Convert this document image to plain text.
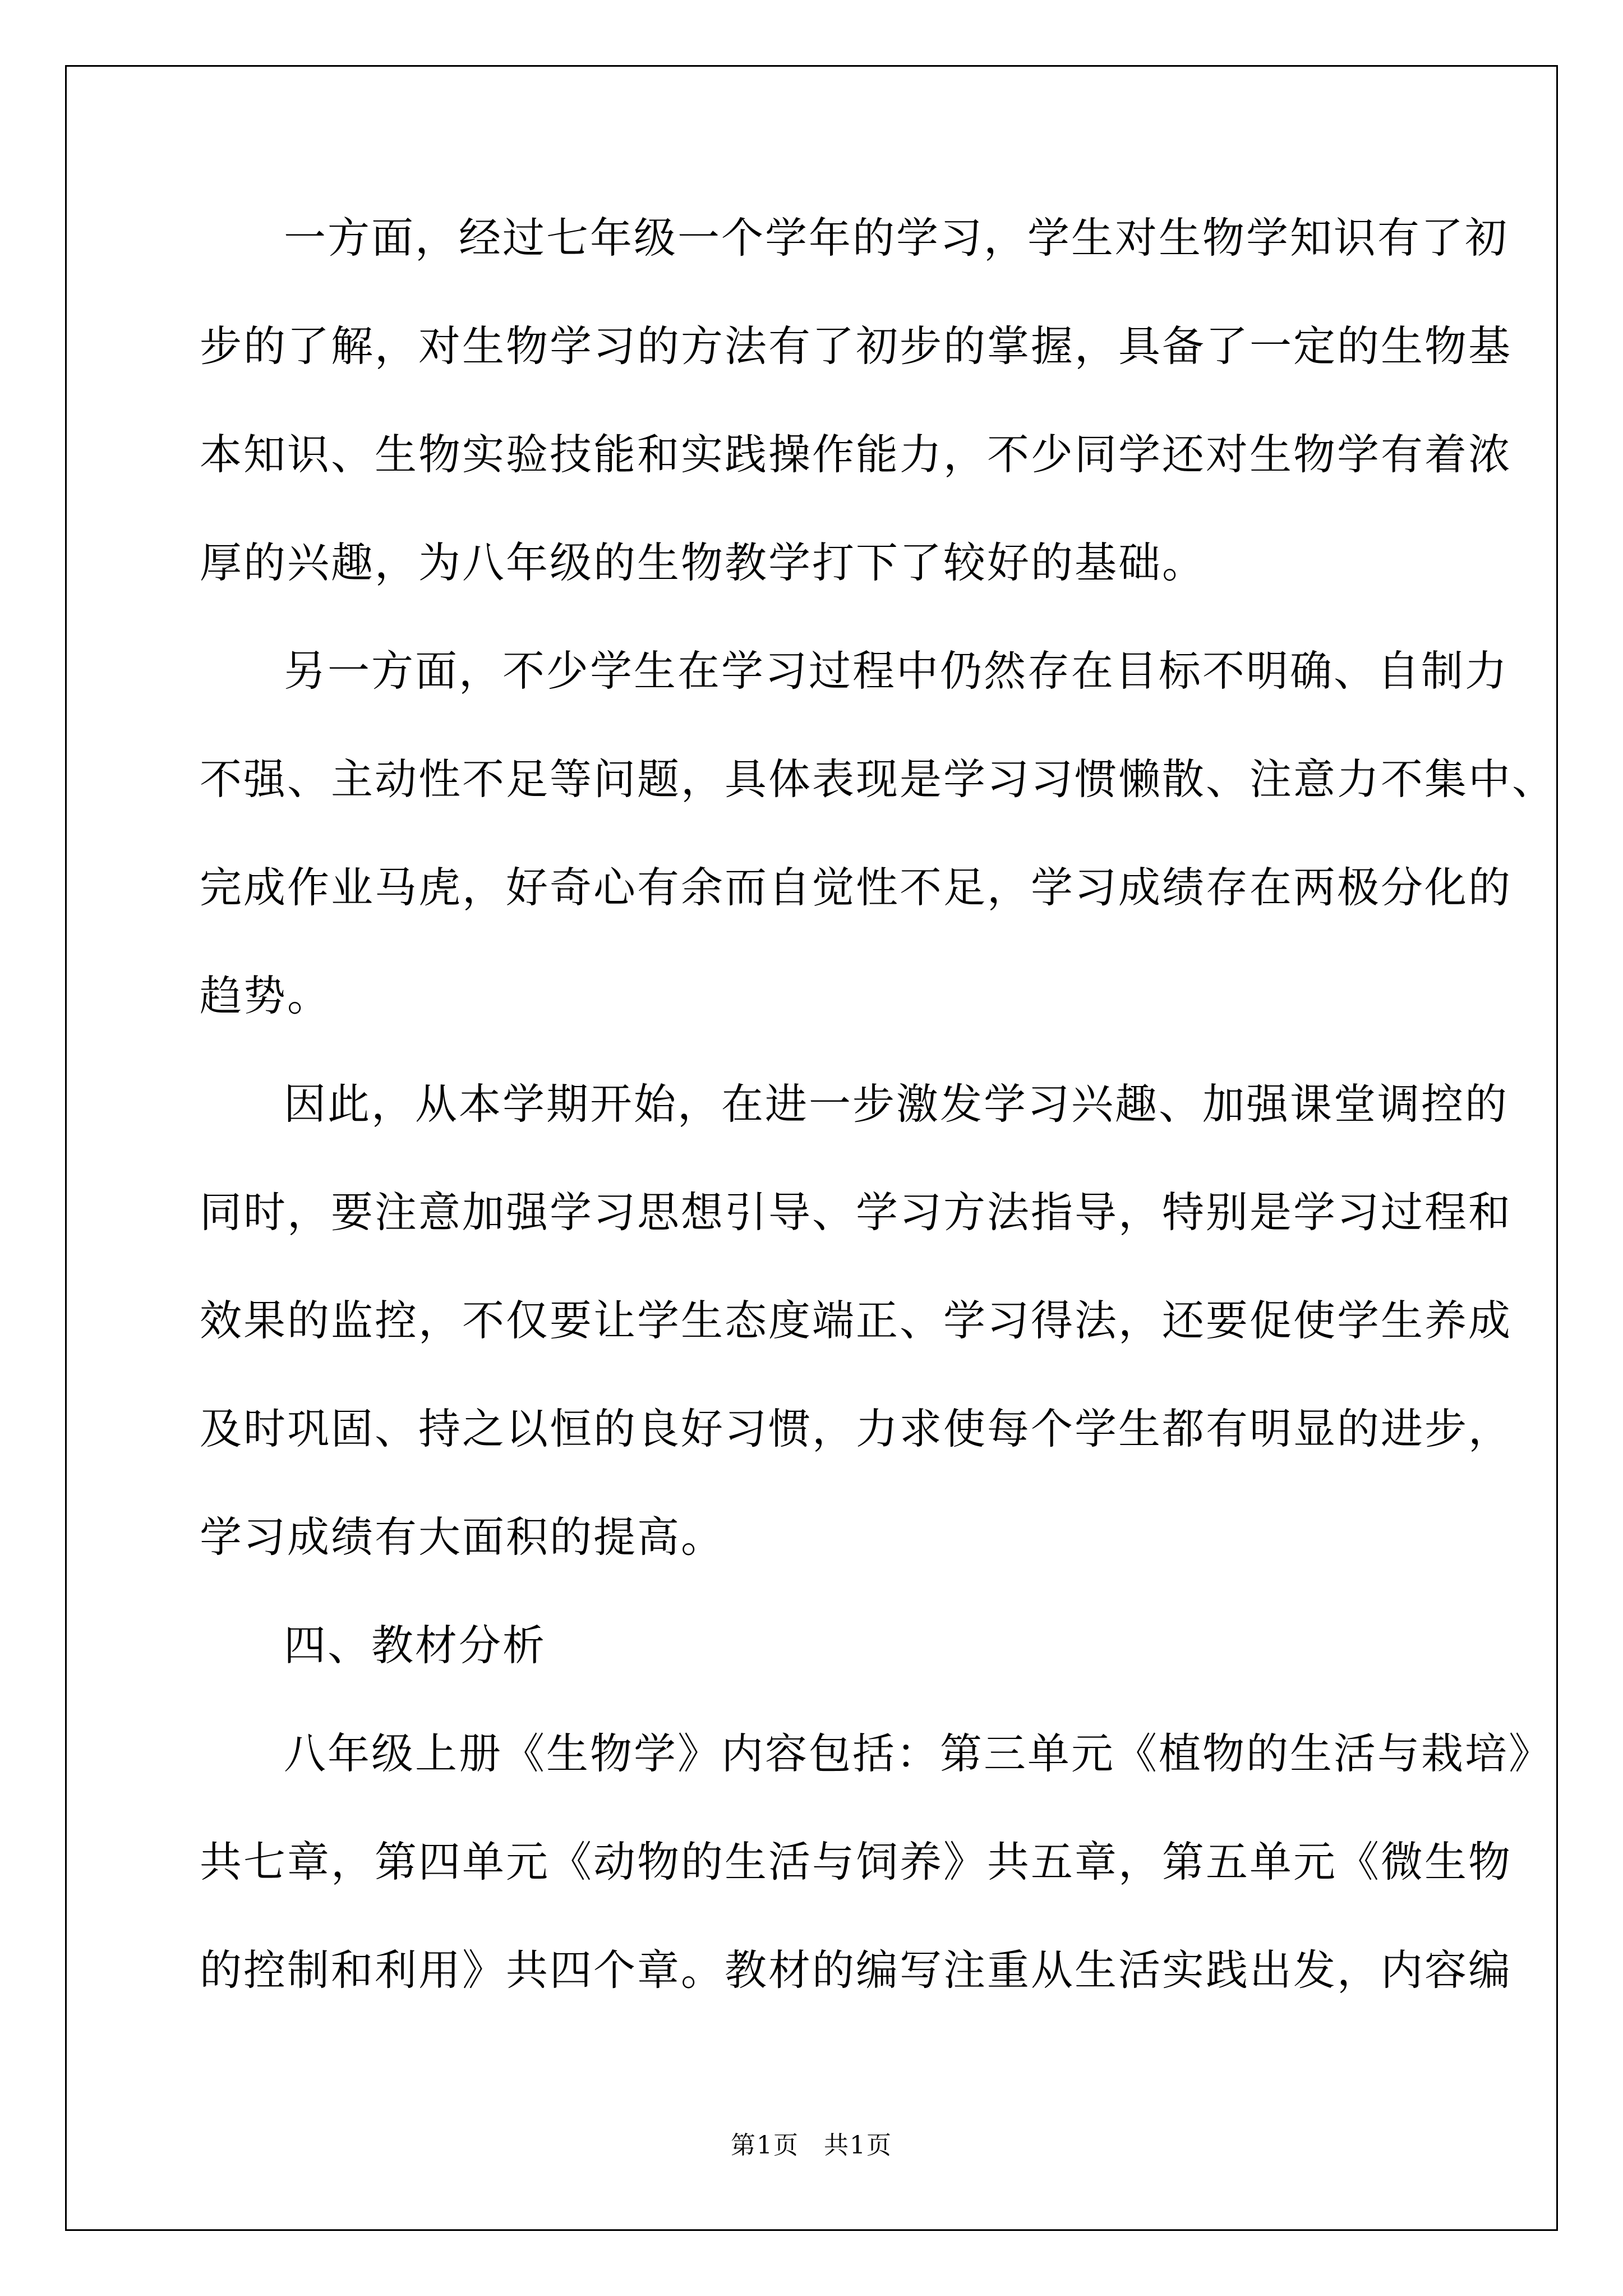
一方面，经过七年级一个学年的学习，学生对生物学知识有了初
步的了解，对生物学习的方法有了初步的掌握，具备了一定的生物基
本知识、生物实验技能和实践操作能力，不少同学还对生物学有着浓
厚的兴趣，为八年级的生物教学打下了较好的基础。
另一方面，不少学生在学习过程中仍然存在目标不明确、自制力
不强、主动性不足等问题，具体表现是学习习惯懒散、注意力不集中、
完成作业马虎，好奇心有余而自觉性不足，学习成绩存在两极分化的
趋势。
因此，从本学期开始，在进一步激发学习兴趣、加强课堂调控的
同时，要注意加强学习思想引导、学习方法指导，特别是学习过程和
效果的监控，不仅要让学生态度端正、学习得法，还要促使学生养成
及时巩固、持之以恒的良好习惯，力求使每个学生都有明显的进步，
学习成绩有大面积的提高。
四、教材分析
八年级上册《生物学》内容包括：第三单元《植物的生活与栽培》
共七章，第四单元《动物的生活与饲养》共五章，第五单元《微生物
的控制和利用》共四个章。教材的编写注重从生活实践出发，内容编
第1页 共1页
